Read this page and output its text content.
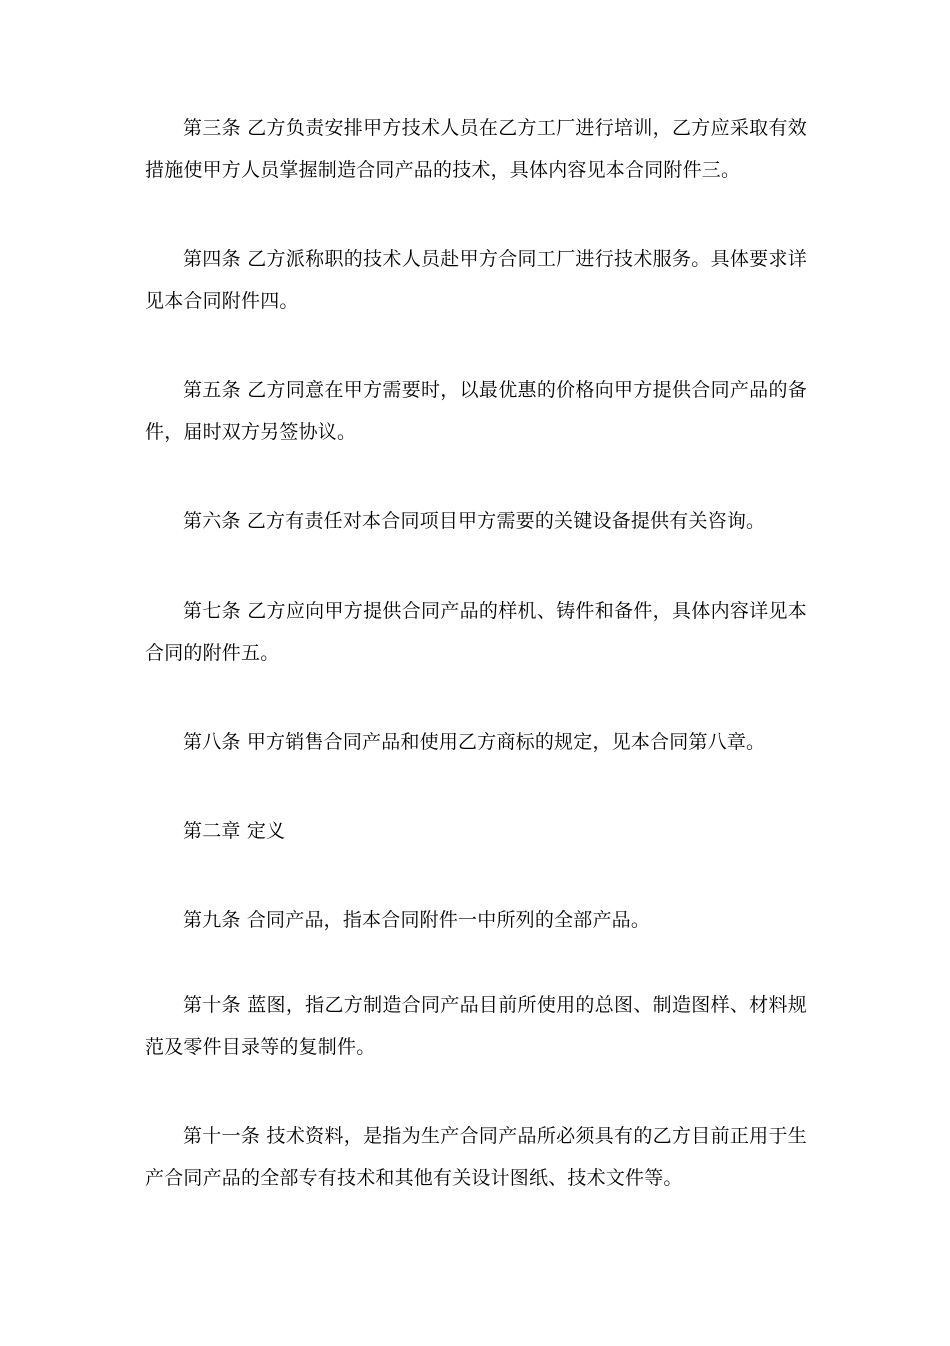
第三条 乙方负责安排甲方技术人员在乙方工厂进行培训，乙方应采取有效措施使甲方人员掌握制造合同产品的技术，具体内容见本合同附件三。

第四条 乙方派称职的技术人员赴甲方合同工厂进行技术服务。具体要求详见本合同附件四。

第五条 乙方同意在甲方需要时，以最优惠的价格向甲方提供合同产品的备件，届时双方另签协议。

第六条 乙方有责任对本合同项目甲方需要的关键设备提供有关咨询。

第七条 乙方应向甲方提供合同产品的样机、铸件和备件，具体内容详见本合同的附件五。

第八条 甲方销售合同产品和使用乙方商标的规定，见本合同第八章。

第二章 定义

第九条 合同产品，指本合同附件一中所列的全部产品。

第十条 蓝图，指乙方制造合同产品目前所使用的总图、制造图样、材料规范及零件目录等的复制件。

第十一条 技术资料，是指为生产合同产品所必须具有的乙方目前正用于生产合同产品的全部专有技术和其他有关设计图纸、技术文件等。
